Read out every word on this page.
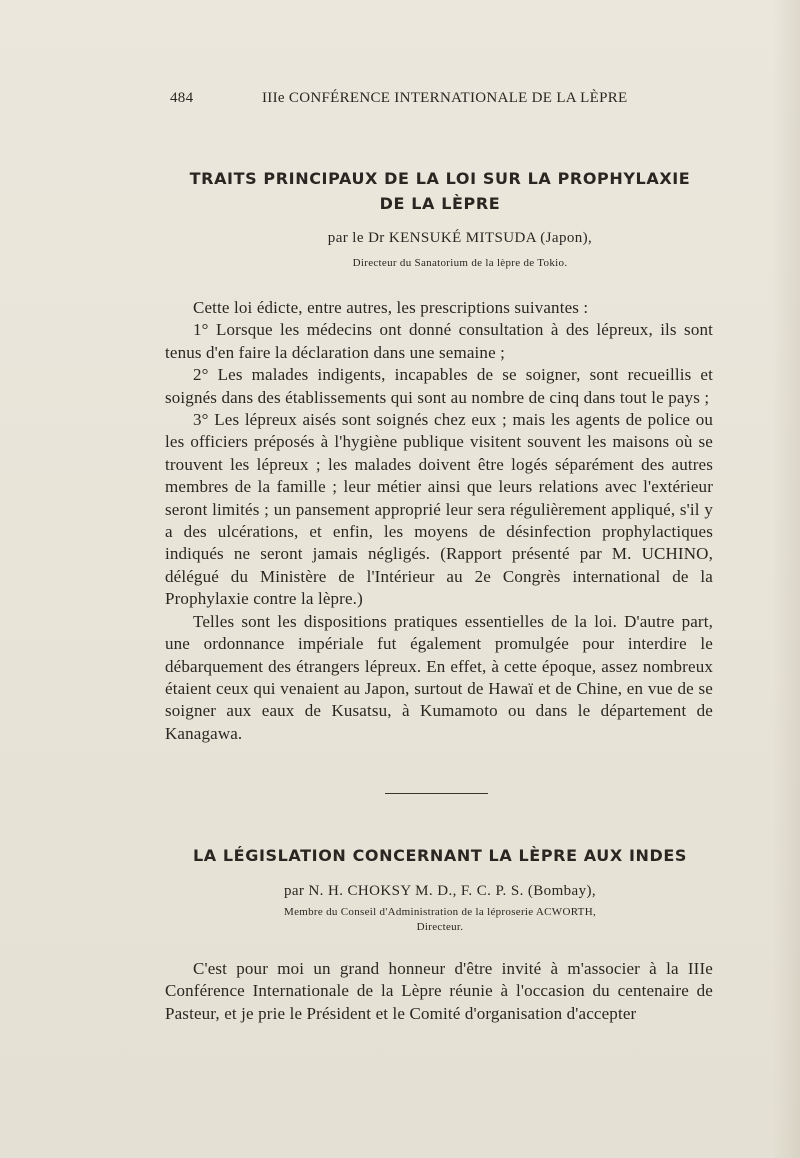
484	IIIe CONFÉRENCE INTERNATIONALE DE LA LÈPRE
TRAITS PRINCIPAUX DE LA LOI SUR LA PROPHYLAXIE
DE LA LÈPRE
par le Dr KENSUKÉ MITSUDA (Japon),
Directeur du Sanatorium de la lèpre de Tokio.

Cette loi édicte, entre autres, les prescriptions suivantes :

1° Lorsque les médecins ont donné consultation à des lépreux, ils sont tenus d'en faire la déclaration dans une semaine ;

2° Les malades indigents, incapables de se soigner, sont recueillis et soignés dans des établissements qui sont au nombre de cinq dans tout le pays ;

3° Les lépreux aisés sont soignés chez eux ; mais les agents de police ou les officiers préposés à l'hygiène publique visitent souvent les maisons où se trouvent les lépreux ; les malades doivent être logés séparément des autres membres de la famille ; leur métier ainsi que leurs relations avec l'extérieur seront limités ; un pansement approprié leur sera régulièrement appliqué, s'il y a des ulcérations, et enfin, les moyens de désinfection prophylactiques indiqués ne seront jamais négligés. (Rapport présenté par M. UCHINO, délégué du Ministère de l'Intérieur au 2e Congrès international de la Prophylaxie contre la lèpre.)

Telles sont les dispositions pratiques essentielles de la loi. D'autre part, une ordonnance impériale fut également promulgée pour interdire le débarquement des étrangers lépreux. En effet, à cette époque, assez nombreux étaient ceux qui venaient au Japon, surtout de Hawaï et de Chine, en vue de se soigner aux eaux de Kusatsu, à Kumamoto ou dans le département de Kanagawa.

LA LÉGISLATION CONCERNANT LA LÈPRE AUX INDES
par N. H. CHOKSY M. D., F. C. P. S. (Bombay),
Membre du Conseil d'Administration de la léproserie ACWORTH,
Directeur.

C'est pour moi un grand honneur d'être invité à m'associer à la IIIe Conférence Internationale de la Lèpre réunie à l'occasion du centenaire de Pasteur, et je prie le Président et le Comité d'organisation d'accepter
